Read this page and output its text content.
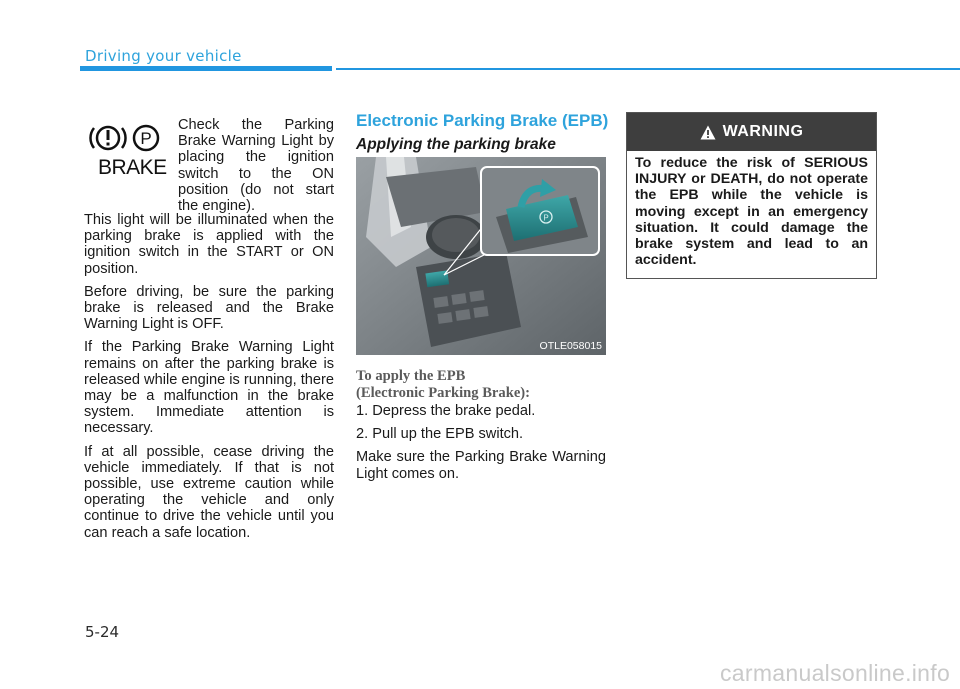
Driving your vehicle
P
BRAKE
Check the Parking Brake Warning Light by placing the ignition switch to the ON position (do not start the engine).

This light will be illuminated when the parking brake is applied with the ignition switch in the START or ON position.

Before driving, be sure the parking brake is released and the Brake Warning Light is OFF.

If the Parking Brake Warning Light remains on after the parking brake is released while engine is running, there may be a malfunction in the brake system. Immediate attention is necessary.

If at all possible, cease driving the vehicle immediately. If that is not possible, use extreme caution while operating the vehicle and only continue to drive the vehicle until you can reach a safe location.

Electronic Parking Brake (EPB)
Applying the parking brake
P
OTLE058015
To apply the EPB
(Electronic Parking Brake):

1. Depress the brake pedal.

2. Pull up the EPB switch.

Make sure the Parking Brake Warning Light comes on.

WARNING
To reduce the risk of SERIOUS INJURY or DEATH, do not operate the EPB while the vehicle is moving except in an emergency situation. It could damage the brake system and lead to an accident.
5-24
carmanualsonline.info
